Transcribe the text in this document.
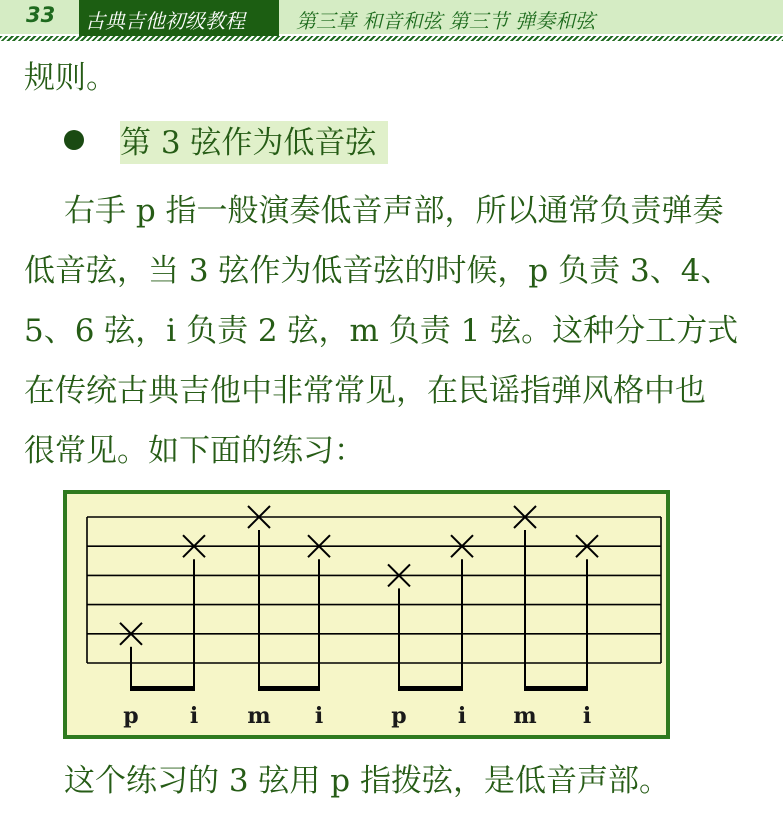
33 古典吉他初级教程	第三章 和音和弦 第三节 弹奏和弦
规则。
第 3 弦作为低音弦
右手 p 指一般演奏低音声部，所以通常负责弹奏
低音弦，当 3 弦作为低音弦的时候，p 负责 3、4、
5、6 弦，i 负责 2 弦，m 负责 1 弦。这种分工方式
在传统古典吉他中非常常见，在民谣指弹风格中也
很常见。如下面的练习：
p i m i	p i m i
这个练习的 3 弦用 p 指拨弦，是低音声部。
